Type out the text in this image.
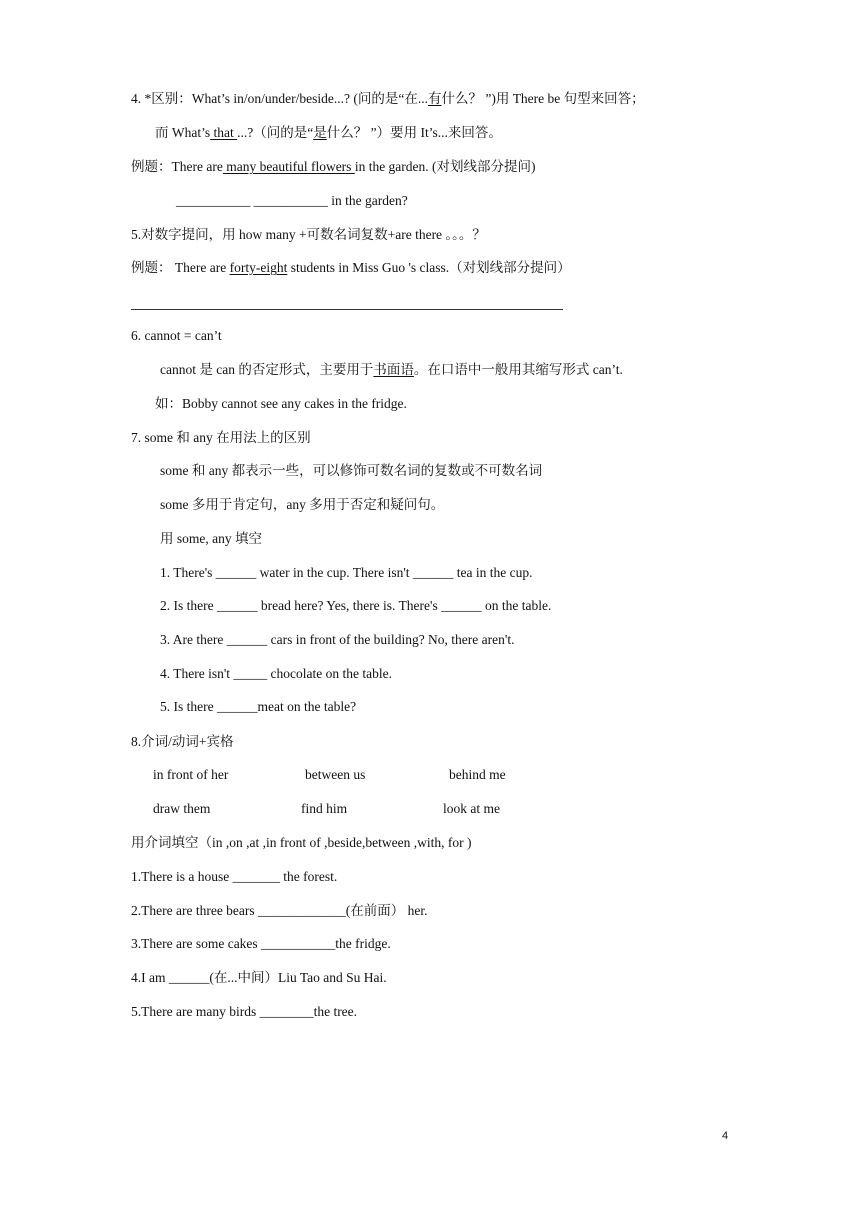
4. *区别：What’s in/on/under/beside...? (问的是“在...有什么？ ”)用 There be 句型来回答；
而 What’s that ...?（问的是“是什么？ ”）要用 It’s...来回答。
例题：There are many beautiful flowers in the garden. (对划线部分提问)
___________ ___________ in the garden?
5.对数字提问，用 how many +可数名词复数+are there 。。。？
例题： There are forty-eight students in Miss Guo 's class.（对划线部分提问）
6. cannot = can’t
cannot 是 can 的否定形式，主要用于书面语。在口语中一般用其缩写形式 can’t.
如：Bobby cannot see any cakes in the fridge.
7. some 和 any 在用法上的区别
some 和 any 都表示一些，可以修饰可数名词的复数或不可数名词
some 多用于肯定句，any 多用于否定和疑问句。
用 some, any 填空
1. There's ______ water in the cup. There isn't ______ tea in the cup.
2. Is there ______ bread here? Yes, there is. There's ______ on the table.
3. Are there ______ cars in front of the building? No, there aren't.
4. There isn't _____ chocolate on the table.
5. Is there ______meat on the table?
8.介词/动词+宾格
in front of her	between us	behind me
draw them	find him	look at me
用介词填空（in ,on ,at ,in front of ,beside,between ,with, for )
1.There is a house _______ the forest.
2.There are three bears _____________(在前面） her.
3.There are some cakes ___________the fridge.
4.I am ______(在...中间）Liu Tao and Su Hai.
5.There are many birds ________the tree.
4
